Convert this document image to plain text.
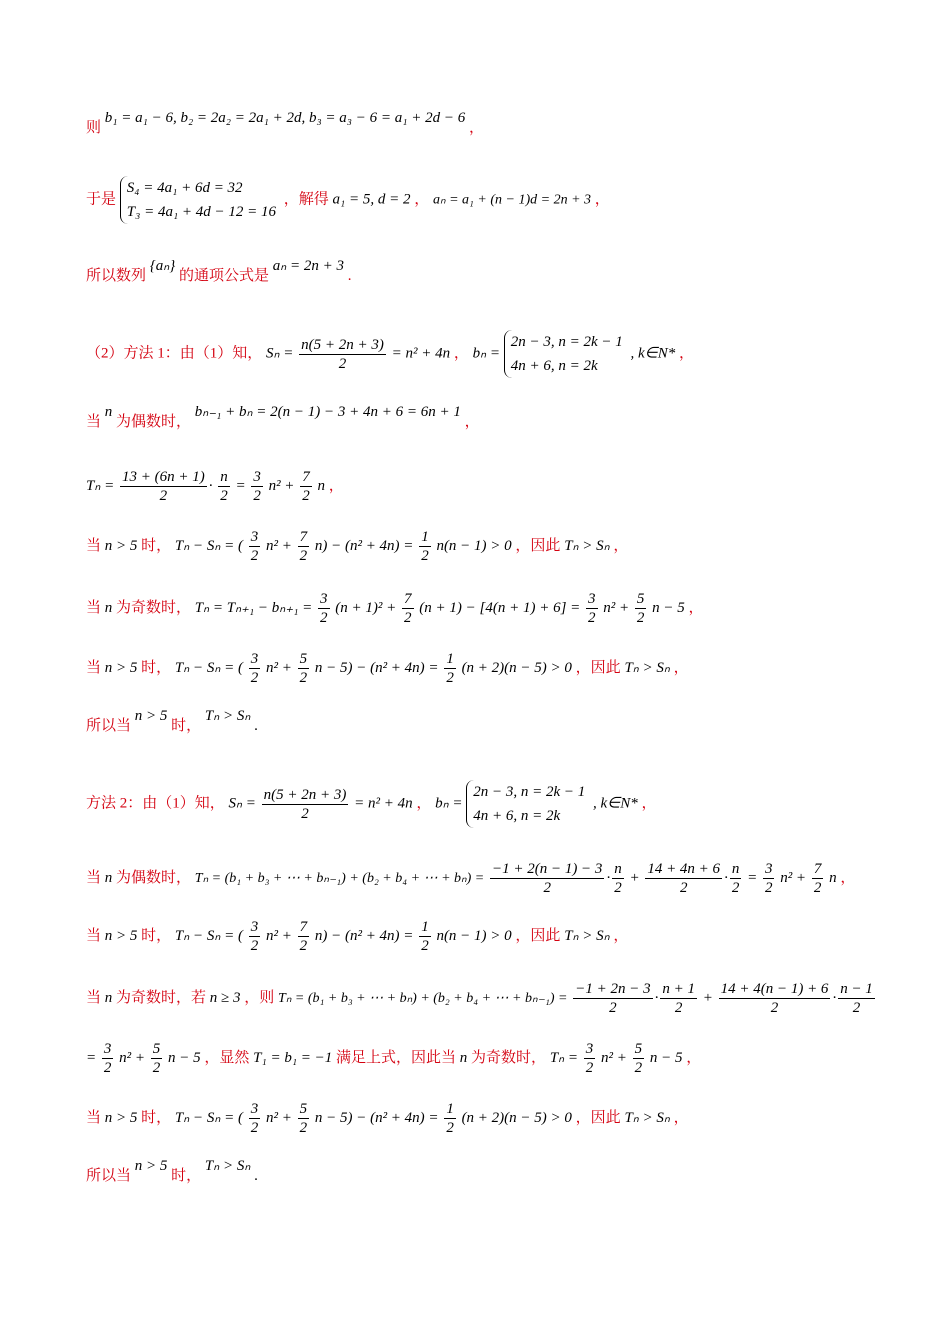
则 b₁ = a₁ − 6, b₂ = 2a₂ = 2a₁ + 2d, b₃ = a₃ − 6 = a₁ + 2d − 6 ，
于是
S₄ = 4a₁ + 6d = 32
T₃ = 4a₁ + 4d − 12 = 16
，解得 a₁ = 5, d = 2 ， aₙ = a₁ + (n − 1)d = 2n + 3 ，
所以数列 {aₙ} 的通项公式是 aₙ = 2n + 3 .
（2）方法 1：由（1）知， $S_n = \frac{n(5 + 2n + 3)}{2} = n^2 + 4n$ ， bₙ =
2n − 3, n = 2k − 1
4n + 6, n = 2k
, k∈N* ，
当 n 为偶数时， bₙ₋₁ + bₙ = 2(n − 1) − 3 + 4n + 6 = 6n + 1 ，
$T_n = \frac{13 + (6n + 1)}{2} \cdot \frac{n}{2} = \frac{3}{2} n^2 + \frac{7}{2}$ n ，
当 n > 5 时， Tₙ − Sₙ = ( $\frac{3}{2} n^2 + \frac{7}{2} n) - (n^2 + 4n) = \frac{1}{2} n(n - 1) > 0$ ，因此 Tₙ > Sₙ ，
当 n 为奇数时， $T_n = T_{n+1} - b_{n+1} = \frac{3}{2} (n + 1)^2 + \frac{7}{2} (n + 1) - [4(n + 1) + 6] = \frac{3}{2} n^2 + \frac{5}{2}$ n − 5 ，
当 n > 5 时， Tₙ − Sₙ = ( $\frac{3}{2} n^2 + \frac{5}{2}$ $n - 5) - (n^2 + 4n) = \frac{1}{2} (n + 2)(n - 5) > 0$ ，因此 Tₙ > Sₙ ，
所以当 n > 5 时， Tₙ > Sₙ .
方法 2：由（1）知， $S_n = \frac{n(5 + 2n + 3)}{2} = n^2 + 4n$ ， bₙ =
2n − 3, n = 2k − 1
4n + 6, n = 2k
, k∈N* ，
当 n 为偶数时， Tₙ = (b₁ + b₃ + ⋯ + bₙ₋₁) + (b₂ + b₄ + ⋯ + $b_n) = \frac{-1 + 2(n - 1) - 3}{2} \cdot \frac{n}{2} + \frac{14 + 4n + 6}{2} \cdot \frac{n}{2} = \frac{3}{2} n^2 + \frac{7}{2}$ n ，
当 n > 5 时， Tₙ − Sₙ = ( $\frac{3}{2} n^2 + \frac{7}{2} n) - (n^2 + 4n) = \frac{1}{2} n(n - 1) > 0$ ，因此 Tₙ > Sₙ ，
当 n 为奇数时，若 n ≥ 3 ，则 Tₙ = (b₁ + b₃ + ⋯ + bₙ) + (b₂ + b₄ + ⋯ + $b_{n-1}) = \frac{-1 + 2n - 3}{2} \cdot \frac{n + 1}{2} + \frac{14 + 4(n - 1) + 6}{2} \cdot \frac{n - 1}{2}$
= $\frac{3}{2} n^2 + \frac{5}{2}$ n − 5 ，显然 T₁ = b₁ = −1 满足上式，因此当 n 为奇数时， $T_n = \frac{3}{2} n^2 + \frac{5}{2}$ n − 5 ，
当 n > 5 时， Tₙ − Sₙ = ( $\frac{3}{2} n^2 + \frac{5}{2}$ $n - 5) - (n^2 + 4n) = \frac{1}{2} (n + 2)(n - 5) > 0$ ，因此 Tₙ > Sₙ ，
所以当 n > 5 时， Tₙ > Sₙ .
